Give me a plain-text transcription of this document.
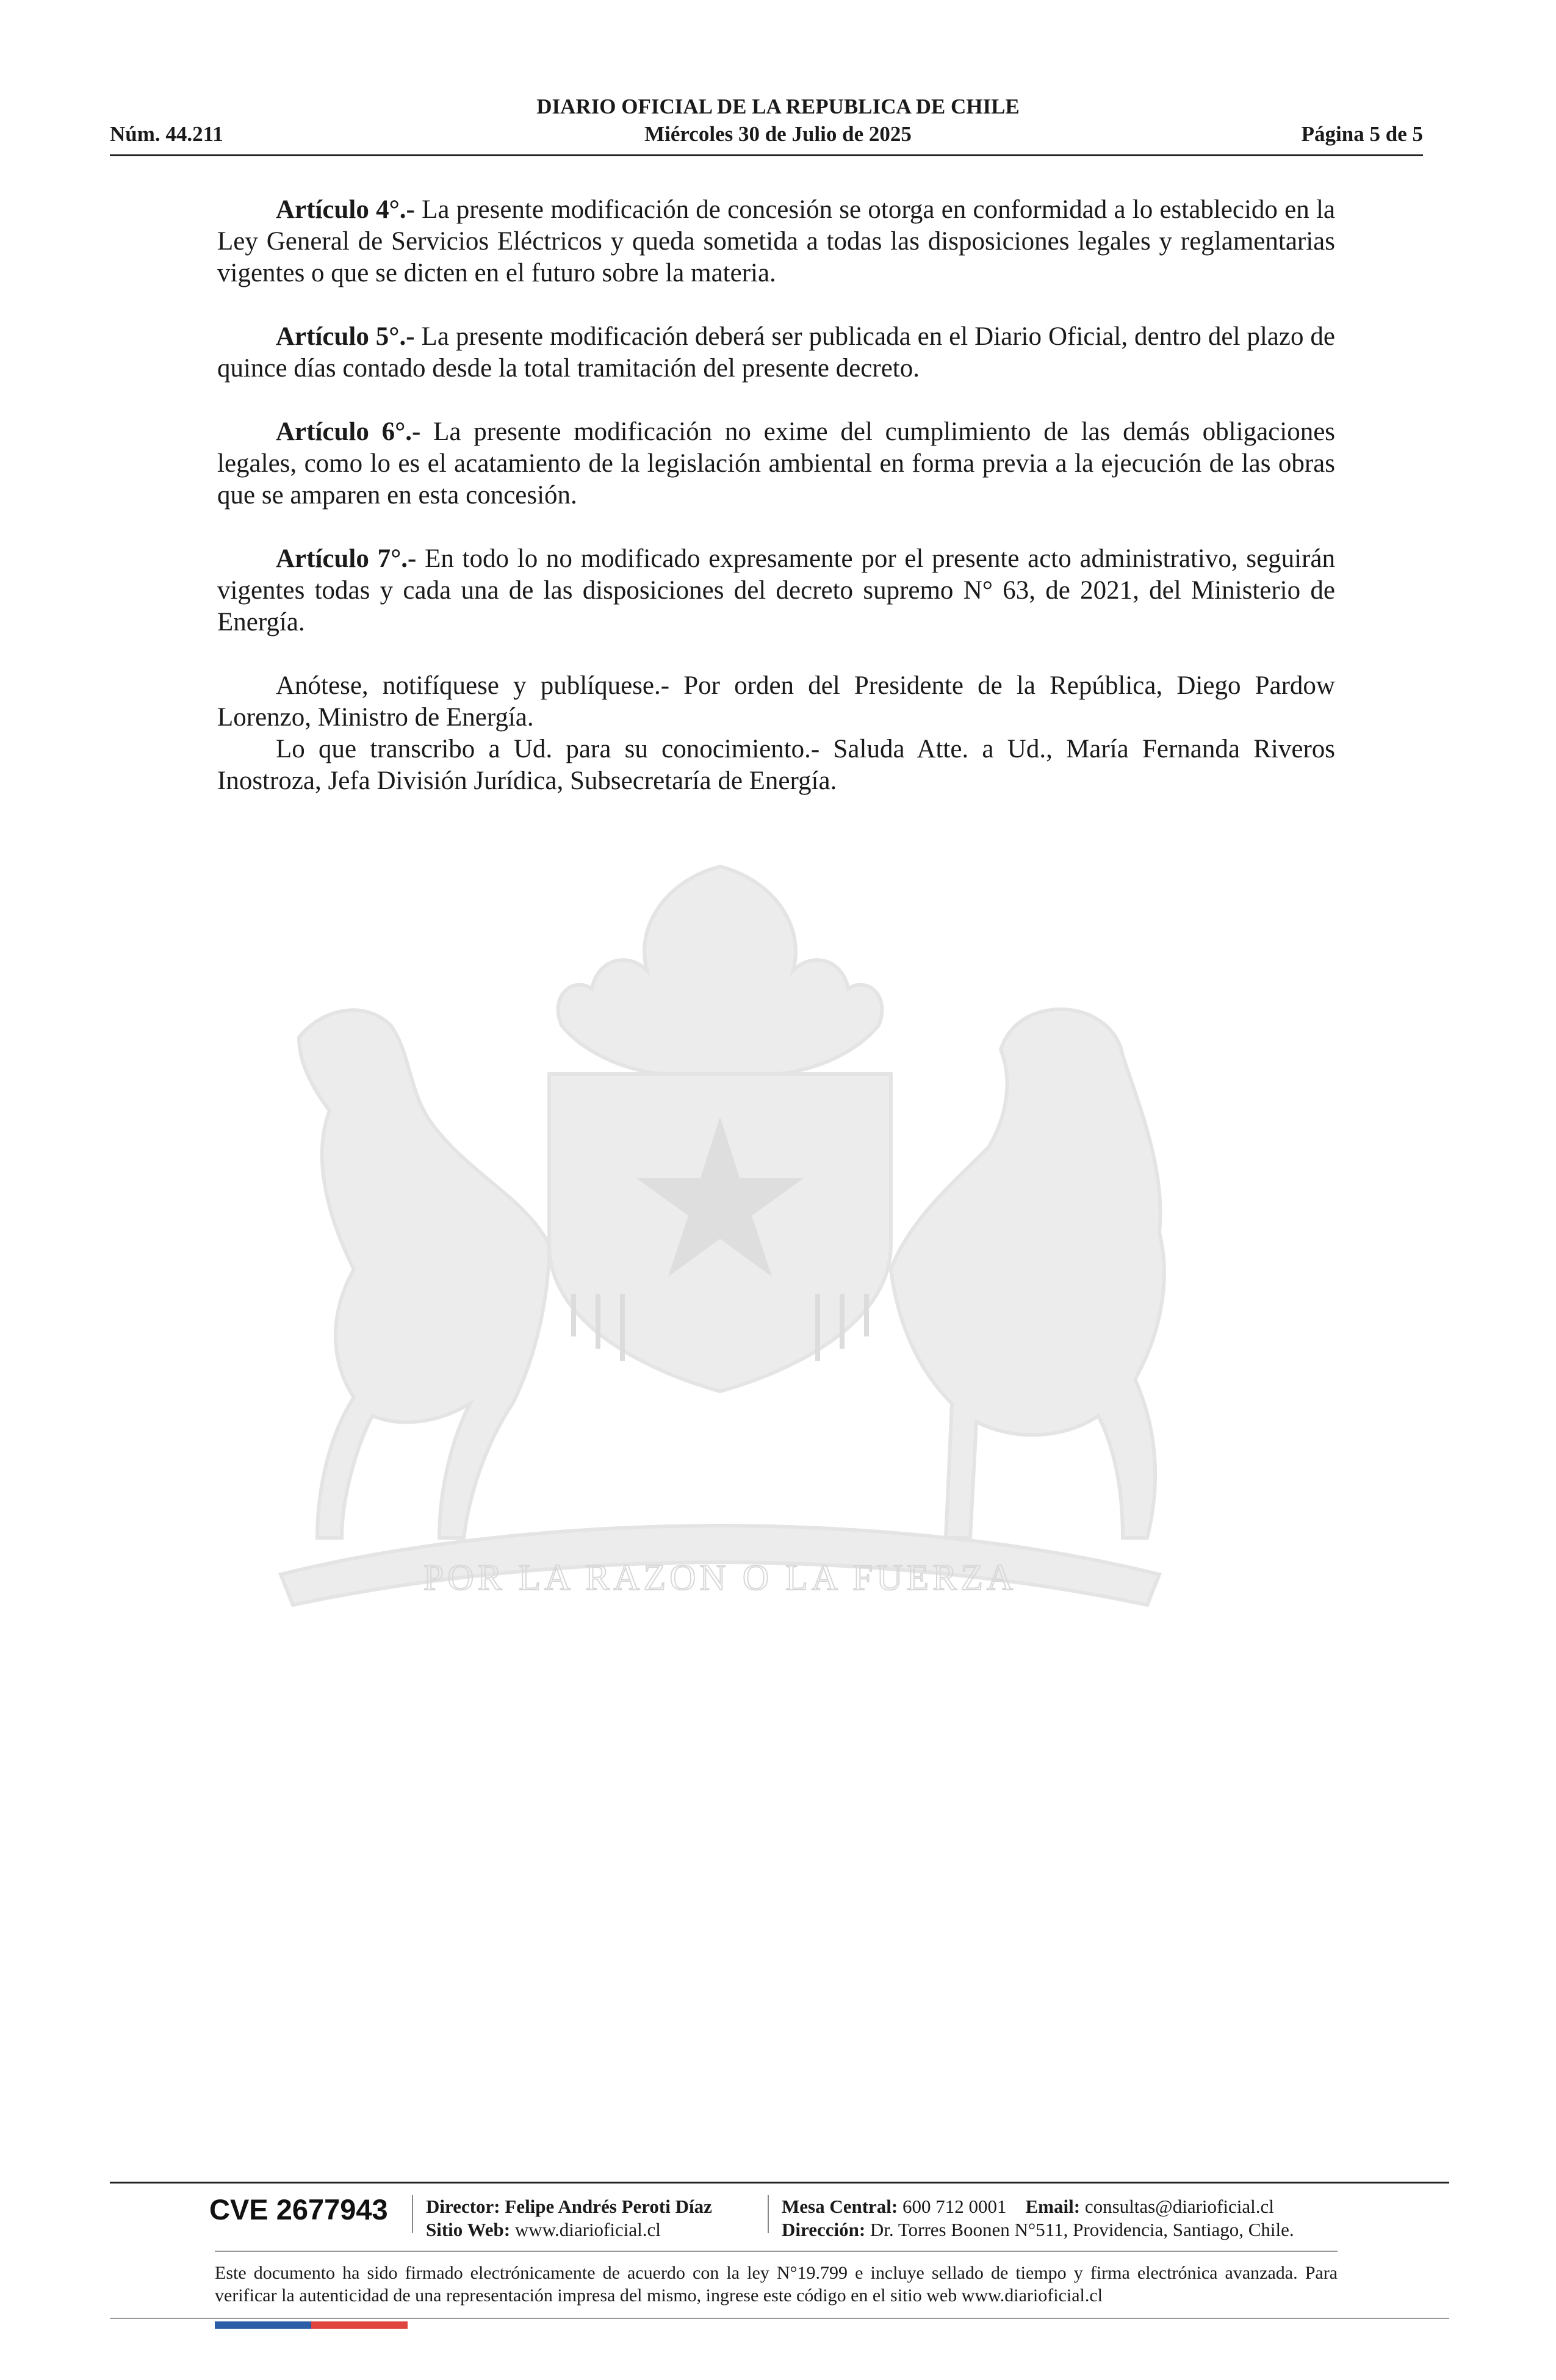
DIARIO OFICIAL DE LA REPUBLICA DE CHILE
Núm. 44.211	Miércoles 30 de Julio de 2025	Página 5 de 5

Artículo 4°.- La presente modificación de concesión se otorga en conformidad a lo establecido en la Ley General de Servicios Eléctricos y queda sometida a todas las disposiciones legales y reglamentarias vigentes o que se dicten en el futuro sobre la materia.

Artículo 5°.- La presente modificación deberá ser publicada en el Diario Oficial, dentro del plazo de quince días contado desde la total tramitación del presente decreto.

Artículo 6°.- La presente modificación no exime del cumplimiento de las demás obligaciones legales, como lo es el acatamiento de la legislación ambiental en forma previa a la ejecución de las obras que se amparen en esta concesión.

Artículo 7°.- En todo lo no modificado expresamente por el presente acto administrativo, seguirán vigentes todas y cada una de las disposiciones del decreto supremo N° 63, de 2021, del Ministerio de Energía.

Anótese, notifíquese y publíquese.- Por orden del Presidente de la República, Diego Pardow Lorenzo, Ministro de Energía.

Lo que transcribo a Ud. para su conocimiento.- Saluda Atte. a Ud., María Fernanda Riveros Inostroza, Jefa División Jurídica, Subsecretaría de Energía.

POR LA RAZON O LA FUERZA
CVE 2677943 Director: Felipe Andrés Peroti Díaz
Sitio Web: www.diarioficial.cl
Mesa Central: 600 712 0001 Email: consultas@diarioficial.cl
Dirección: Dr. Torres Boonen N°511, Providencia, Santiago, Chile.
Este documento ha sido firmado electrónicamente de acuerdo con la ley N°19.799 e incluye sellado de tiempo y firma electrónica avanzada. Para verificar la autenticidad de una representación impresa del mismo, ingrese este código en el sitio web www.diarioficial.cl
